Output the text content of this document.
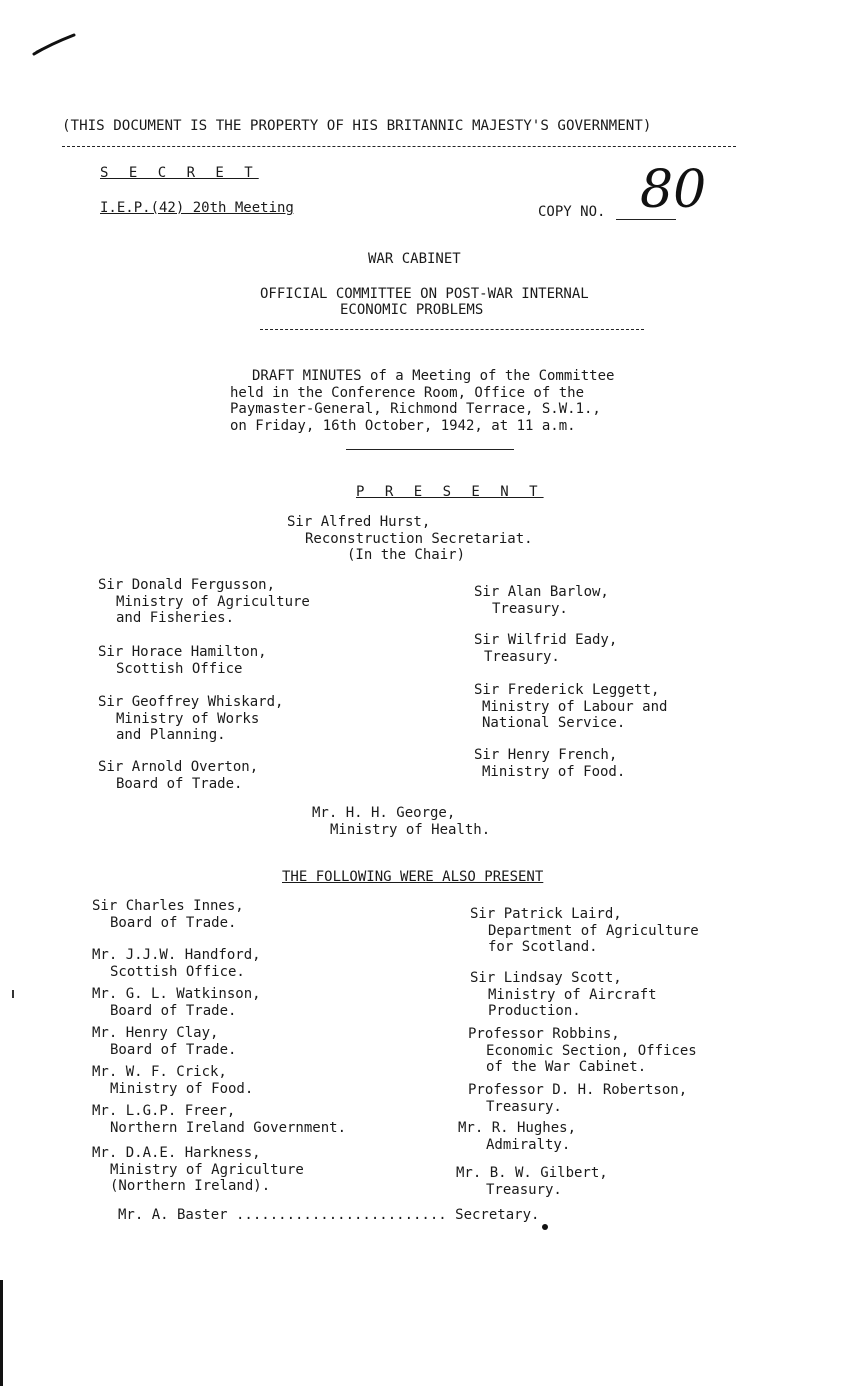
(THIS DOCUMENT IS THE PROPERTY OF HIS BRITANNIC MAJESTY'S GOVERNMENT)
S E C R E T
I.E.P.(42) 20th Meeting	COPY NO. 80
WAR CABINET
OFFICIAL COMMITTEE ON POST-WAR INTERNAL
ECONOMIC PROBLEMS
DRAFT MINUTES of a Meeting of the Committee
held in the Conference Room, Office of the
Paymaster-General, Richmond Terrace, S.W.1.,
on Friday, 16th October, 1942, at 11 a.m.
P R E S E N T
Sir Alfred Hurst,
Reconstruction Secretariat.
(In the Chair)
Sir Donald Fergusson,
Ministry of Agriculture
and Fisheries.
Sir Horace Hamilton,
Scottish Office
Sir Geoffrey Whiskard,
Ministry of Works
and Planning.
Sir Arnold Overton,
Board of Trade.
Sir Alan Barlow,
Treasury.
Sir Wilfrid Eady,
Treasury.
Sir Frederick Leggett,
Ministry of Labour and
National Service.
Sir Henry French,
Ministry of Food.
Mr. H. H. George,
Ministry of Health.
THE FOLLOWING WERE ALSO PRESENT
Sir Charles Innes,
Board of Trade.
Mr. J.J.W. Handford,
Scottish Office.
Mr. G. L. Watkinson,
Board of Trade.
Mr. Henry Clay,
Board of Trade.
Mr. W. F. Crick,
Ministry of Food.
Mr. L.G.P. Freer,
Northern Ireland Government.
Mr. D.A.E. Harkness,
Ministry of Agriculture
(Northern Ireland).
Sir Patrick Laird,
Department of Agriculture
for Scotland.
Sir Lindsay Scott,
Ministry of Aircraft
Production.
Professor Robbins,
Economic Section, Offices
of the War Cabinet.
Professor D. H. Robertson,
Treasury.
Mr. R. Hughes,
Admiralty.
Mr. B. W. Gilbert,
Treasury.
Mr. A. Baster ......................... Secretary.
